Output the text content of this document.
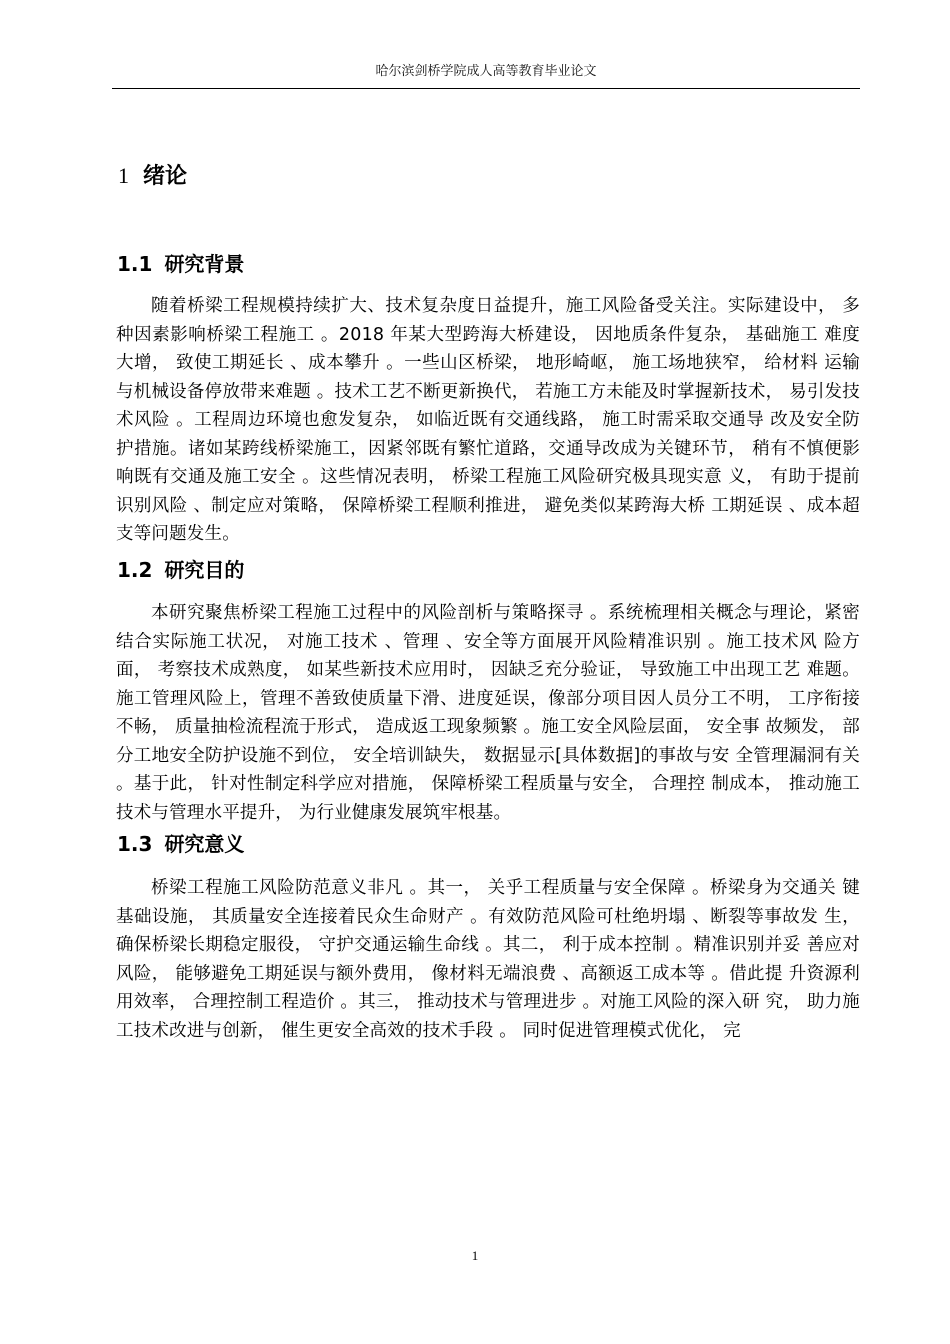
哈尔滨剑桥学院成人高等教育毕业论文
1 绪论
1.1 研究背景

随着桥梁工程规模持续扩大、技术复杂度日益提升，施工风险备受关注。实际建设中， 多种因素影响桥梁工程施工 。2018 年某大型跨海大桥建设， 因地质条件复杂， 基础施工 难度大增， 致使工期延长 、成本攀升 。一些山区桥梁， 地形崎岖， 施工场地狭窄， 给材料 运输与机械设备停放带来难题 。技术工艺不断更新换代， 若施工方未能及时掌握新技术， 易引发技术风险 。工程周边环境也愈发复杂， 如临近既有交通线路， 施工时需采取交通导 改及安全防护措施。诸如某跨线桥梁施工，因紧邻既有繁忙道路，交通导改成为关键环节， 稍有不慎便影响既有交通及施工安全 。这些情况表明， 桥梁工程施工风险研究极具现实意 义， 有助于提前识别风险 、制定应对策略， 保障桥梁工程顺利推进， 避免类似某跨海大桥 工期延误 、成本超支等问题发生。

1.2 研究目的

本研究聚焦桥梁工程施工过程中的风险剖析与策略探寻 。系统梳理相关概念与理论，紧密结合实际施工状况， 对施工技术 、管理 、安全等方面展开风险精准识别 。施工技术风 险方面， 考察技术成熟度， 如某些新技术应用时， 因缺乏充分验证， 导致施工中出现工艺 难题。施工管理风险上，管理不善致使质量下滑、进度延误，像部分项目因人员分工不明， 工序衔接不畅， 质量抽检流程流于形式， 造成返工现象频繁 。施工安全风险层面， 安全事 故频发， 部分工地安全防护设施不到位， 安全培训缺失， 数据显示[具体数据]的事故与安 全管理漏洞有关 。基于此， 针对性制定科学应对措施， 保障桥梁工程质量与安全， 合理控 制成本， 推动施工技术与管理水平提升， 为行业健康发展筑牢根基。

1.3 研究意义

桥梁工程施工风险防范意义非凡 。其一， 关乎工程质量与安全保障 。桥梁身为交通关 键基础设施， 其质量安全连接着民众生命财产 。有效防范风险可杜绝坍塌 、断裂等事故发 生， 确保桥梁长期稳定服役， 守护交通运输生命线 。其二， 利于成本控制 。精准识别并妥 善应对风险， 能够避免工期延误与额外费用， 像材料无端浪费 、高额返工成本等 。借此提 升资源利用效率， 合理控制工程造价 。其三， 推动技术与管理进步 。对施工风险的深入研 究， 助力施工技术改进与创新， 催生更安全高效的技术手段 。 同时促进管理模式优化， 完

1
